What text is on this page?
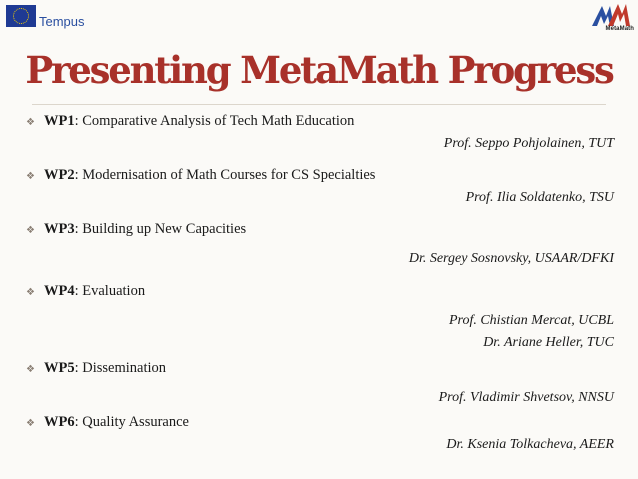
Tempus	MetaMath
Presenting MetaMath Progress
❖ WP1 : Comparative Analysis of Tech Math Education
Prof. Seppo Pohjolainen, TUT
❖ WP2 : Modernisation of Math Courses for CS Specialties
Prof. Ilia Soldatenko, TSU
❖ WP3 : Building up New Capacities
Dr. Sergey Sosnovsky, USAAR/DFKI
❖ WP4 : Evaluation
Prof. Chistian Mercat, UCBL
Dr. Ariane Heller, TUC
❖ WP5 : Dissemination
Prof. Vladimir Shvetsov, NNSU
❖ WP6 : Quality Assurance
Dr. Ksenia Tolkacheva, AEER
